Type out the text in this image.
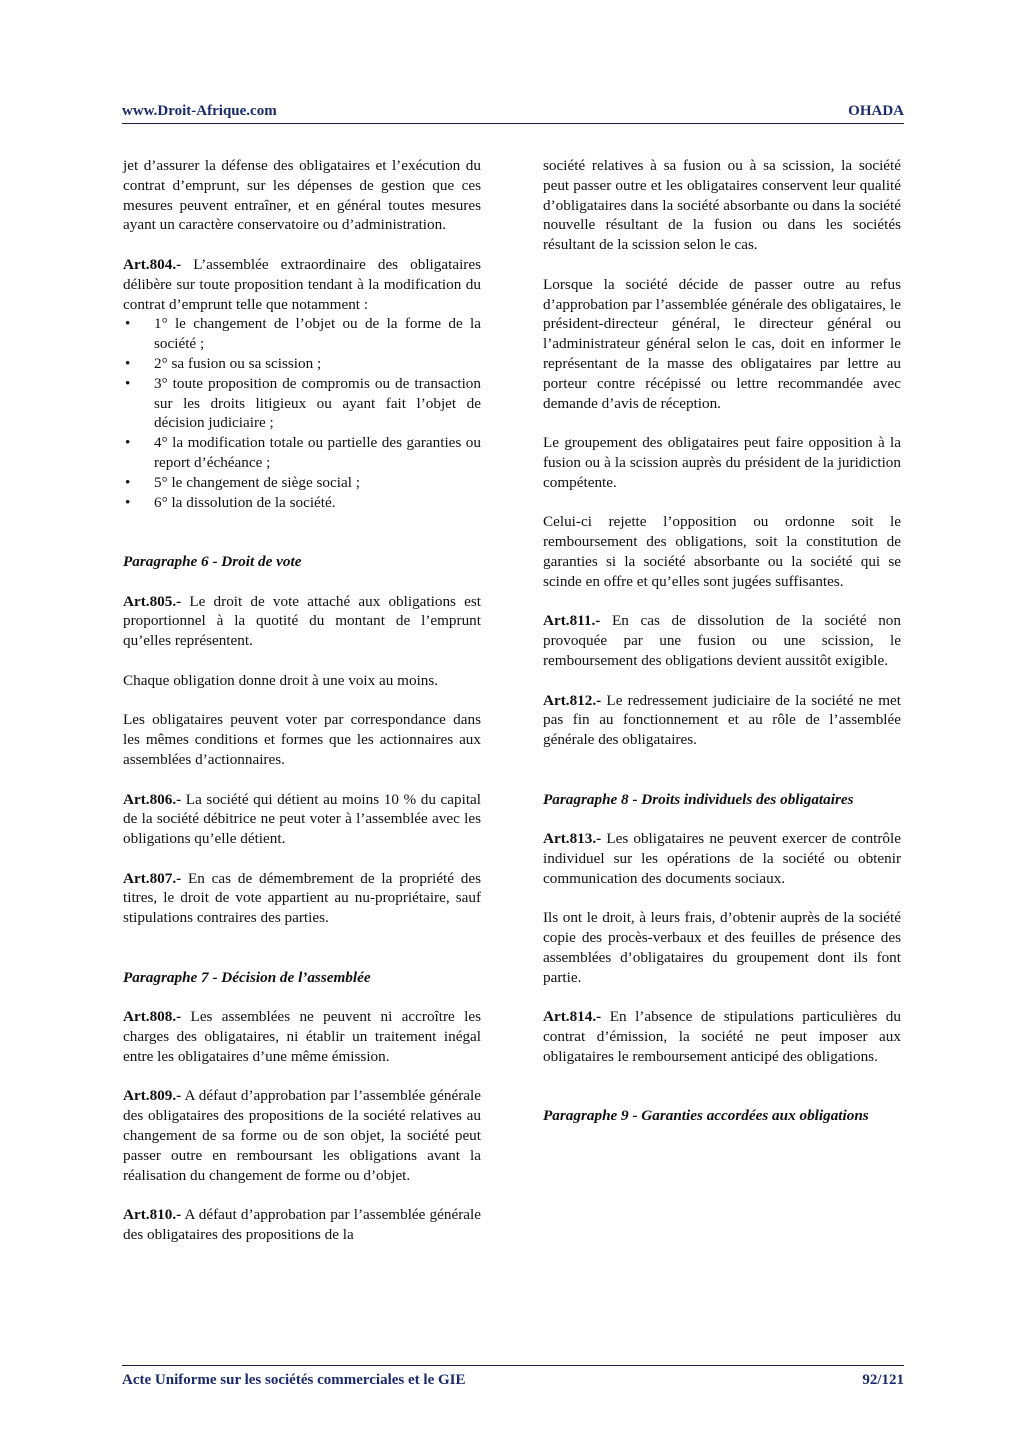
www.Droit-Afrique.com	OHADA

jet d’assurer la défense des obligataires et l’exécution du contrat d’emprunt, sur les dépenses de gestion que ces mesures peuvent entraîner, et en général toutes mesures ayant un caractère conservatoire ou d’administration.

Art.804.- L’assemblée extraordinaire des obligataires délibère sur toute proposition tendant à la modification du contrat d’emprunt telle que notamment :

• 1° le changement de l’objet ou de la forme de la société ;
• 2° sa fusion ou sa scission ;
• 3° toute proposition de compromis ou de transaction sur les droits litigieux ou ayant fait l’objet de décision judiciaire ;
• 4° la modification totale ou partielle des garanties ou report d’échéance ;
• 5° le changement de siège social ;
• 6° la dissolution de la société.
Paragraphe 6 - Droit de vote

Art.805.- Le droit de vote attaché aux obligations est proportionnel à la quotité du montant de l’emprunt qu’elles représentent.

Chaque obligation donne droit à une voix au moins.

Les obligataires peuvent voter par correspondance dans les mêmes conditions et formes que les actionnaires aux assemblées d’actionnaires.

Art.806.- La société qui détient au moins 10 % du capital de la société débitrice ne peut voter à l’assemblée avec les obligations qu’elle détient.

Art.807.- En cas de démembrement de la propriété des titres, le droit de vote appartient au nu-propriétaire, sauf stipulations contraires des parties.

Paragraphe 7 - Décision de l’assemblée

Art.808.- Les assemblées ne peuvent ni accroître les charges des obligataires, ni établir un traitement inégal entre les obligataires d’une même émission.

Art.809.- A défaut d’approbation par l’assemblée générale des obligataires des propositions de la société relatives au changement de sa forme ou de son objet, la société peut passer outre en remboursant les obligations avant la réalisation du changement de forme ou d’objet.

Art.810.- A défaut d’approbation par l’assemblée générale des obligataires des propositions de la

société relatives à sa fusion ou à sa scission, la société peut passer outre et les obligataires conservent leur qualité d’obligataires dans la société absorbante ou dans la société nouvelle résultant de la fusion ou dans les sociétés résultant de la scission selon le cas.

Lorsque la société décide de passer outre au refus d’approbation par l’assemblée générale des obligataires, le président-directeur général, le directeur général ou l’administrateur général selon le cas, doit en informer le représentant de la masse des obligataires par lettre au porteur contre récépissé ou lettre recommandée avec demande d’avis de réception.

Le groupement des obligataires peut faire opposition à la fusion ou à la scission auprès du président de la juridiction compétente.

Celui-ci rejette l’opposition ou ordonne soit le remboursement des obligations, soit la constitution de garanties si la société absorbante ou la société qui se scinde en offre et qu’elles sont jugées suffisantes.

Art.811.- En cas de dissolution de la société non provoquée par une fusion ou une scission, le remboursement des obligations devient aussitôt exigible.

Art.812.- Le redressement judiciaire de la société ne met pas fin au fonctionnement et au rôle de l’assemblée générale des obligataires.

Paragraphe 8 - Droits individuels des obligataires

Art.813.- Les obligataires ne peuvent exercer de contrôle individuel sur les opérations de la société ou obtenir communication des documents sociaux.

Ils ont le droit, à leurs frais, d’obtenir auprès de la société copie des procès-verbaux et des feuilles de présence des assemblées d’obligataires du groupement dont ils font partie.

Art.814.- En l’absence de stipulations particulières du contrat d’émission, la société ne peut imposer aux obligataires le remboursement anticipé des obligations.

Paragraphe 9 - Garanties accordées aux obligations
Acte Uniforme sur les sociétés commerciales et le GIE	92/121
